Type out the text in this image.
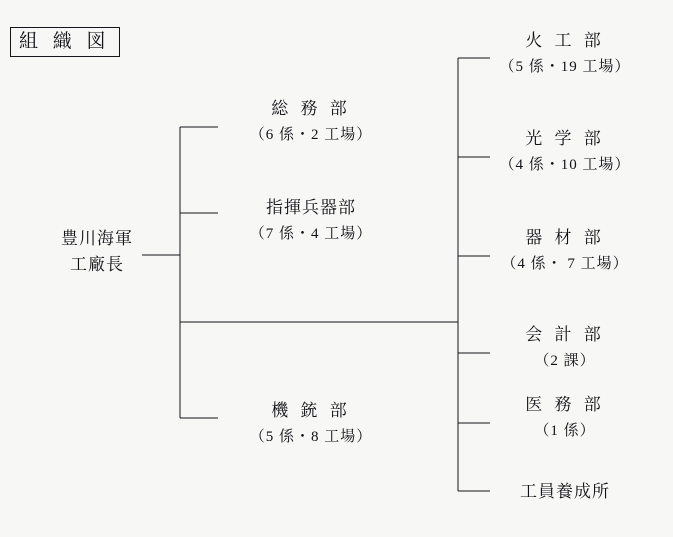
組 織 図
豊川海軍
工廠長
総 務 部
（6 係・2 工場）
指揮兵器部
（7 係・4 工場）
機 銃 部
（5 係・8 工場）
火 工 部
（5 係・19 工場）
光 学 部
（4 係・10 工場）
器 材 部
（4 係・ 7 工場）
会 計 部
（2 課）
医 務 部
（1 係）
工員養成所
